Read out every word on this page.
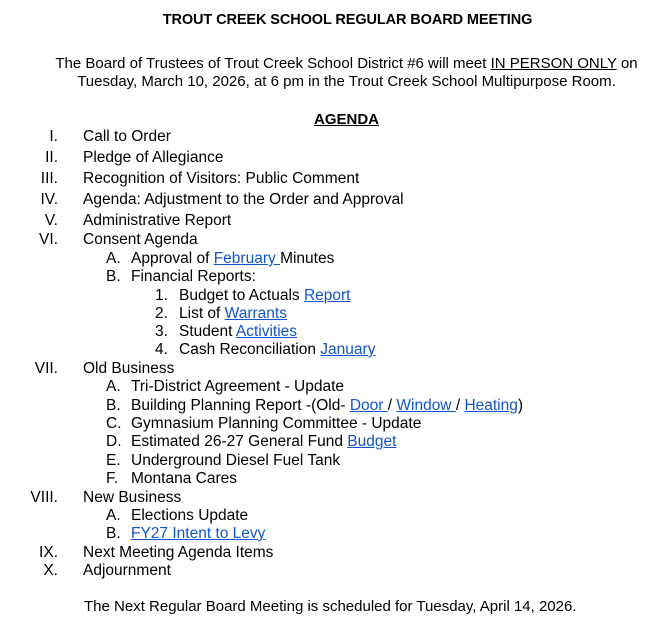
TROUT CREEK SCHOOL REGULAR BOARD MEETING
The Board of Trustees of Trout Creek School District #6 will meet IN PERSON ONLY on
Tuesday, March 10, 2026, at 6 pm in the Trout Creek School Multipurpose Room.
AGENDA
I. Call to Order
II. Pledge of Allegiance
III. Recognition of Visitors: Public Comment
IV. Agenda: Adjustment to the Order and Approval
V. Administrative Report
VI. Consent Agenda
A. Approval of February Minutes
B. Financial Reports:
1. Budget to Actuals Report
2. List of Warrants
3. Student Activities
4. Cash Reconciliation January
VII. Old Business
A. Tri-District Agreement - Update
B. Building Planning Report -(Old- Door / Window / Heating)
C. Gymnasium Planning Committee - Update
D. Estimated 26-27 General Fund Budget
E. Underground Diesel Fuel Tank
F. Montana Cares
VIII. New Business
A. Elections Update
B. FY27 Intent to Levy
IX. Next Meeting Agenda Items
X. Adjournment
The Next Regular Board Meeting is scheduled for Tuesday, April 14, 2026.
